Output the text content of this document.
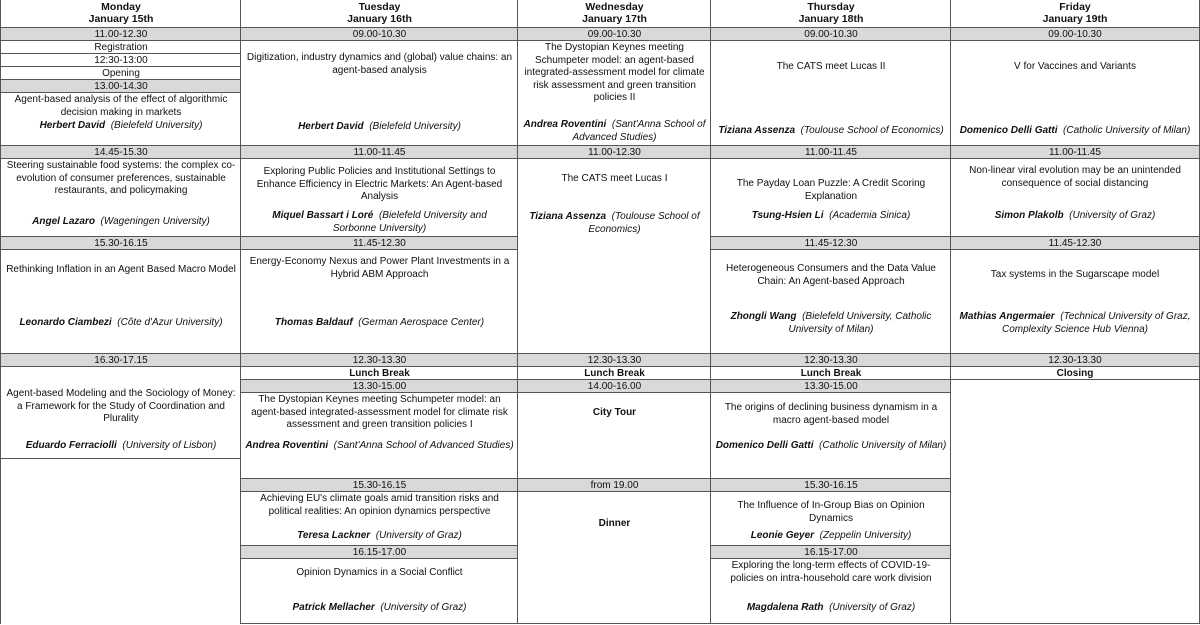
Monday
January 15th
11.00-12.30
Registration
12:30-13:00
Opening
13.00-14.30
Agent-based analysis of the effect of algorithmic decision making in markets
Herbert David (Bielefeld University)
14.45-15.30
Steering sustainable food systems: the complex co-evolution of consumer preferences, sustainable restaurants, and policymaking
Angel Lazaro (Wageningen University)
15.30-16.15
Rethinking Inflation in an Agent Based Macro Model
Leonardo Ciambezi (Côte d'Azur University)
16.30-17.15
Agent-based Modeling and the Sociology of Money: a Framework for the Study of Coordination and Plurality
Eduardo Ferraciolli (University of Lisbon)
Tuesday
January 16th
09.00-10.30
Digitization, industry dynamics and (global) value chains: an agent-based analysis
Herbert David (Bielefeld University)
11.00-11.45
Exploring Public Policies and Institutional Settings to Enhance Efficiency in Electric Markets: An Agent-based Analysis
Miquel Bassart i Loré (Bielefeld University and Sorbonne University)
11.45-12.30
Energy-Economy Nexus and Power Plant Investments in a Hybrid ABM Approach
Thomas Baldauf (German Aerospace Center)
12.30-13.30
Lunch Break
13.30-15.00
The Dystopian Keynes meeting Schumpeter model: an agent-based integrated-assessment model for climate risk assessment and green transition policies I
Andrea Roventini (Sant'Anna School of Advanced Studies)
15.30-16.15
Achieving EU's climate goals amid transition risks and political realities: An opinion dynamics perspective
Teresa Lackner (University of Graz)
16.15-17.00
Opinion Dynamics in a Social Conflict
Patrick Mellacher (University of Graz)
Wednesday
January 17th
09.00-10.30
The Dystopian Keynes meeting Schumpeter model: an agent-based integrated-assessment model for climate risk assessment and green transition policies II
Andrea Roventini (Sant'Anna School of Advanced Studies)
11.00-12.30
The CATS meet Lucas I
Tiziana Assenza (Toulouse School of Economics)
12.30-13.30
Lunch Break
14.00-16.00
City Tour
from 19.00
Dinner
Thursday
January 18th
09.00-10.30
The CATS meet Lucas II
Tiziana Assenza (Toulouse School of Economics)
11.00-11.45
The Payday Loan Puzzle: A Credit Scoring Explanation
Tsung-Hsien Li (Academia Sinica)
11.45-12.30
Heterogeneous Consumers and the Data Value Chain: An Agent-based Approach
Zhongli Wang (Bielefeld University, Catholic University of Milan)
12.30-13.30
Lunch Break
13.30-15.00
The origins of declining business dynamism in a macro agent-based model
Domenico Delli Gatti (Catholic University of Milan)
15.30-16.15
The Influence of In-Group Bias on Opinion Dynamics
Leonie Geyer (Zeppelin University)
16.15-17.00
Exploring the long-term effects of COVID-19-policies on intra-household care work division
Magdalena Rath (University of Graz)
Friday
January 19th
09.00-10.30
V for Vaccines and Variants
Domenico Delli Gatti (Catholic University of Milan)
11.00-11.45
Non-linear viral evolution may be an unintended consequence of social distancing
Simon Plakolb (University of Graz)
11.45-12.30
Tax systems in the Sugarscape model
Mathias Angermaier (Technical University of Graz, Complexity Science Hub Vienna)
12.30-13.30
Closing
